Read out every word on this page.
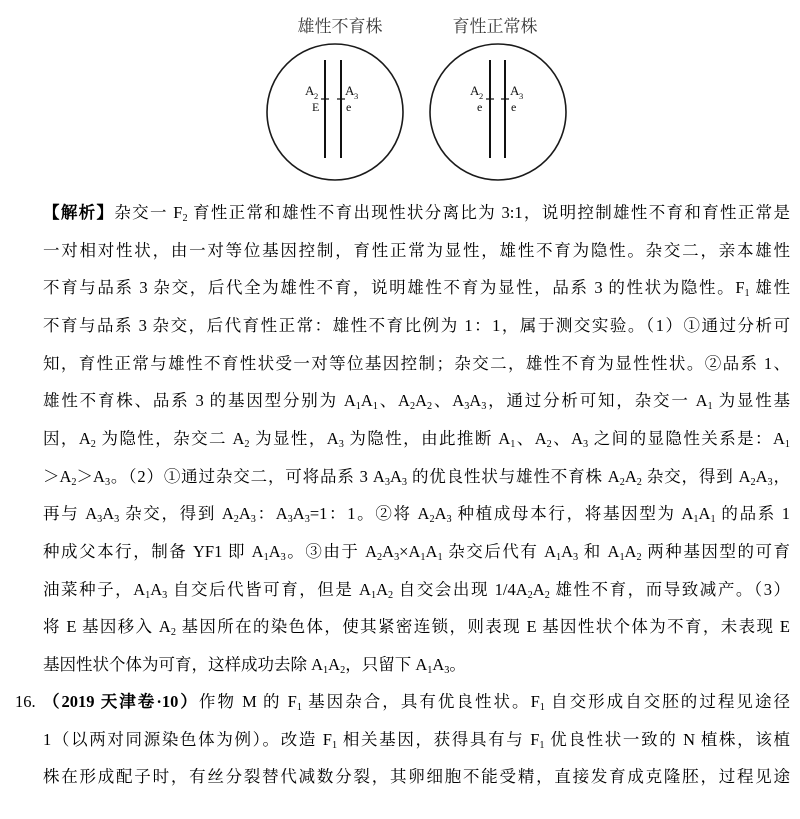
雄性不育株
A 2
E
A 3
e
育性正常株
A 2
e
A 3
e
【解析】杂交一 $F_2$ 育性正常和雄性不育出现性状分离比为 3:1，说明控制雄性不育和育性正常是
一对相对性状，由一对等位基因控制，育性正常为显性，雄性不育为隐性。杂交二，亲本雄性
不育与品系 3 杂交，后代全为雄性不育，说明雄性不育为显性，品系 3 的性状为隐性。$F_1$ 雄性
不育与品系 3 杂交，后代育性正常：雄性不育比例为 1：1，属于测交实验。（1）①通过分析可
知，育性正常与雄性不育性状受一对等位基因控制；杂交二，雄性不育为显性性状。②品系 1、
雄性不育株、品系 3 的基因型分别为 $A_1A_1$、$A_2A_2$、$A_3A_3$，通过分析可知，杂交一 $A_1$ 为显性基
因，$A_2$ 为隐性，杂交二 $A_2$ 为显性，$A_3$ 为隐性，由此推断 $A_1$、$A_2$、$A_3$ 之间的显隐性关系是：$A_1$
$>A_2>A_3$。（2）①通过杂交二，可将品系 3 $A_3A_3$ 的优良性状与雄性不育株 $A_2A_2$ 杂交，得到 $A_2A_3$，
再与 $A_3A_3$ 杂交，得到 $A_2A_3$：$A_3A_3=1$：1。②将 $A_2A_3$ 种植成母本行，将基因型为 $A_1A_1$ 的品系 1
种成父本行，制备 YF1 即 $A_1A_3$。③由于 $A_2A_3\times A_1A_1$ 杂交后代有 $A_1A_3$ 和 $A_1A_2$ 两种基因型的可育
油菜种子，$A_1A_3$ 自交后代皆可育，但是 $A_1A_2$ 自交会出现 $1/4A_2A_2$ 雄性不育，而导致减产。（3）
将 E 基因移入 $A_2$ 基因所在的染色体，使其紧密连锁，则表现 E 基因性状个体为不育，未表现 E
基因性状个体为可育，这样成功去除 $A_1A_2$，只留下 $A_1A_3$。
16. （2019 天津卷·10）作物 M 的 $F_1$ 基因杂合，具有优良性状。$F_1$ 自交形成自交胚的过程见途径
1（以两对同源染色体为例）。改造 $F_1$ 相关基因，获得具有与 $F_1$ 优良性状一致的 N 植株，该植
株在形成配子时，有丝分裂替代减数分裂，其卵细胞不能受精，直接发育成克隆胚，过程见途
